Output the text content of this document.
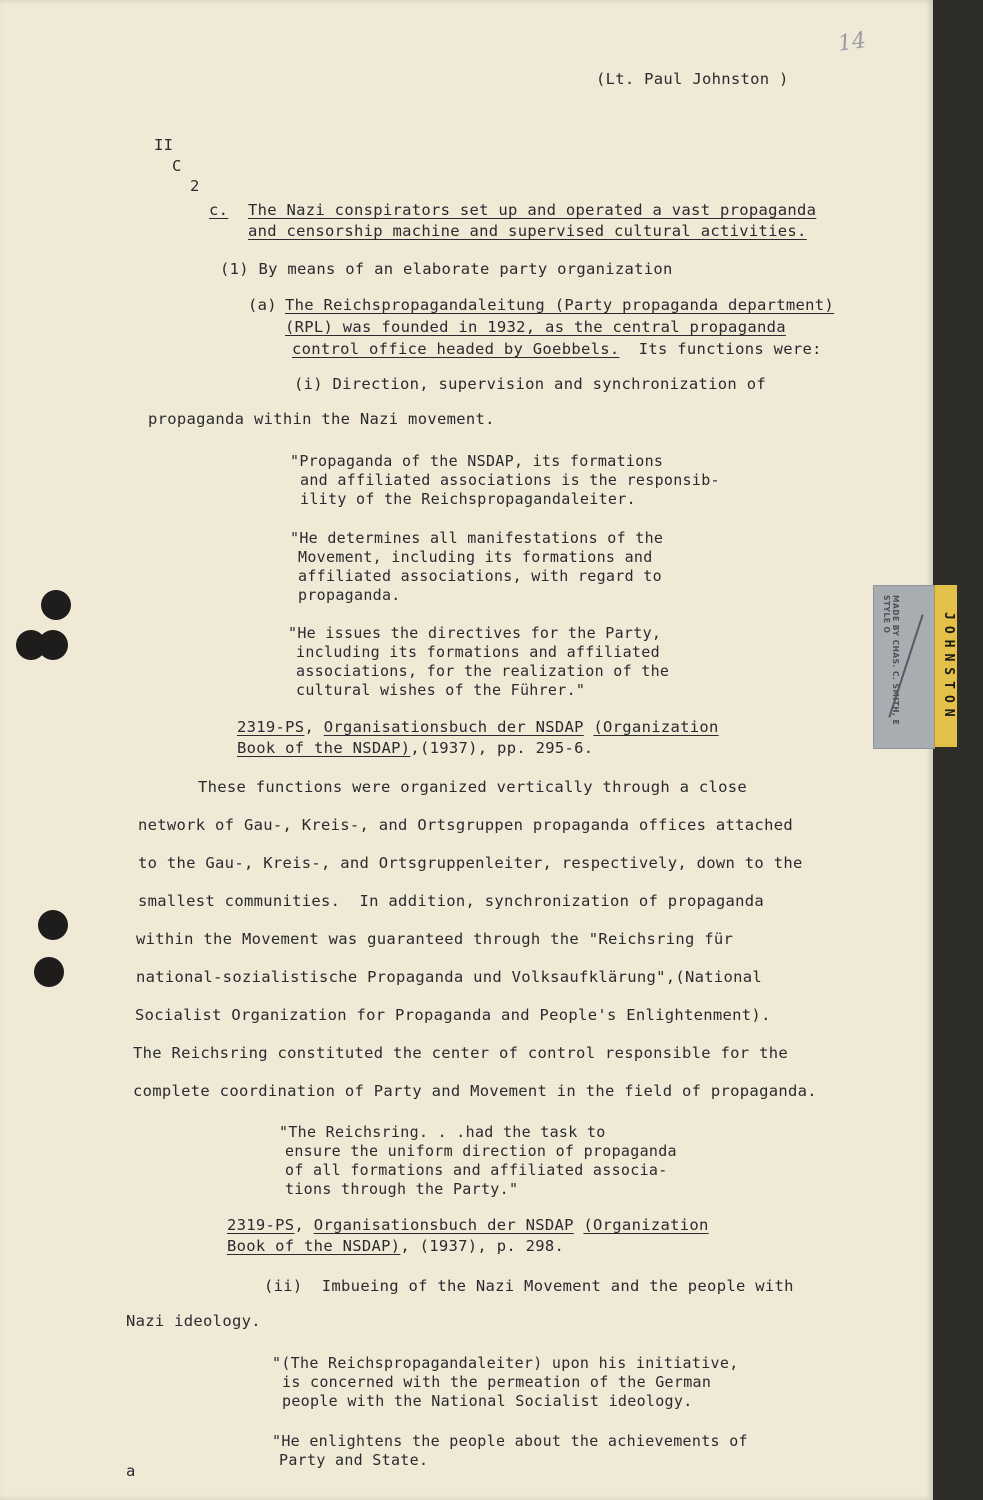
14
(Lt. Paul Johnston )
II
C
2
c. The Nazi conspirators set up and operated a vast propaganda
and censorship machine and supervised cultural activities.
(1) By means of an elaborate party organization
(a) The Reichspropagandaleitung (Party propaganda department)
(RPL) was founded in 1932, as the central propaganda
control office headed by Goebbels.  Its functions were:
(i) Direction, supervision and synchronization of
propaganda within the Nazi movement.
"Propaganda of the NSDAP, its formations
and affiliated associations is the responsib-
ility of the Reichspropagandaleiter.
"He determines all manifestations of the
Movement, including its formations and
affiliated associations, with regard to
propaganda.
"He issues the directives for the Party,
including its formations and affiliated
associations, for the realization of the
cultural wishes of the Führer."
2319-PS, Organisationsbuch der NSDAP (Organization
Book of the NSDAP),(1937), pp. 295-6.
These functions were organized vertically through a close
network of Gau-, Kreis-, and Ortsgruppen propaganda offices attached
to the Gau-, Kreis-, and Ortsgruppenleiter, respectively, down to the
smallest communities.  In addition, synchronization of propaganda
within the Movement was guaranteed through the "Reichsring für
national-sozialistische Propaganda und Volksaufklärung",(National
Socialist Organization for Propaganda and People's Enlightenment).
The Reichsring constituted the center of control responsible for the
complete coordination of Party and Movement in the field of propaganda.
"The Reichsring. . .had the task to
ensure the uniform direction of propaganda
of all formations and affiliated associa-
tions through the Party."
2319-PS, Organisationsbuch der NSDAP (Organization
Book of the NSDAP), (1937), p. 298.
(ii)  Imbueing of the Nazi Movement and the people with
Nazi ideology.
"(The Reichspropagandaleiter) upon his initiative,
is concerned with the permeation of the German
people with the National Socialist ideology.
"He enlightens the people about the achievements of
Party and State.
a
MADE BY CHAS. C. SMITH, E STYLE O	JOHNSTON
